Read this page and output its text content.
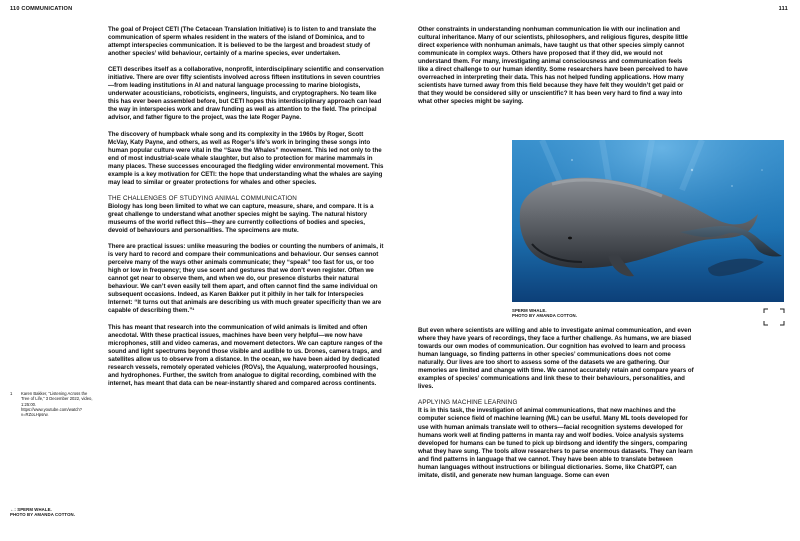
110 COMMUNICATION	111

The goal of Project CETI (The Cetacean Translation Initiative) is to listen to and translate the communication of sperm whales resident in the waters of the island of Dominica, and to attempt interspecies communication. It is believed to be the largest and broadest study of another species’ wild behaviour, certainly of a marine species, ever undertaken.

CETI describes itself as a collaborative, nonprofit, interdisciplinary scientific and conservation initiative. There are over fifty scientists involved across fifteen institutions in seven countries—from leading institutions in AI and natural language processing to marine biologists, underwater acousticians, roboticists, engineers, linguists, and cryptographers. No team like this has ever been assembled before, but CETI hopes this interdisciplinary approach can lead the way in interspecies work and draw funding as well as attention to the field. The principal advisor, and father figure to the project, was the late Roger Payne.

The discovery of humpback whale song and its complexity in the 1960s by Roger, Scott McVay, Katy Payne, and others, as well as Roger’s life’s work in bringing these songs into human popular culture were vital in the “Save the Whales” movement. This led not only to the end of most industrial-scale whale slaughter, but also to protection for marine mammals in many places. These successes encouraged the fledgling wider environmental movement. This example is a key motivation for CETI: the hope that understanding what the whales are saying may lead to similar or greater protections for whales and other species.

THE CHALLENGES OF STUDYING ANIMAL COMMUNICATION

Biology has long been limited to what we can capture, measure, share, and compare. It is a great challenge to understand what another species might be saying. The natural history museums of the world reflect this—they are currently collections of bodies and species, devoid of behaviours and personalities. The specimens are mute.

There are practical issues: unlike measuring the bodies or counting the numbers of animals, it is very hard to record and compare their communications and behaviour. Our senses cannot perceive many of the ways other animals communicate; they “speak” too fast for us, or too high or low in frequency; they use scent and gestures that we don’t even register. Often we cannot get near to observe them, and when we do, our presence disturbs their natural behaviour. We can’t even easily tell them apart, and often cannot find the same individual on subsequent occasions. Indeed, as Karen Bakker put it pithily in her talk for Interspecies Internet: “It turns out that animals are describing us with much greater specificity than we are capable of describing them.”¹

This has meant that research into the communication of wild animals is limited and often anecdotal. With these practical issues, machines have been very helpful—we now have microphones, still and video cameras, and movement detectors. We can capture ranges of the sound and light spectrums beyond those visible and audible to us. Drones, camera traps, and satellites allow us to observe from a distance. In the ocean, we have been aided by dedicated research vessels, remotely operated vehicles (ROVs), the Aqualung, waterproofed housings, and hydrophones. Further, the switch from analogue to digital recording, combined with the internet, has meant that data can be near-instantly shared and compared across continents.

1 Karen Bakker, “Listening Across the Tree of Life,” 3 December 2022, video, 1:25:00. https://www.youtube.com/watch?v=RZoLHpsrw.
←: SPERM WHALE.
PHOTO BY AMANDA COTTON.

Other constraints in understanding nonhuman communication lie with our inclination and cultural inheritance. Many of our scientists, philosophers, and religious figures, despite little direct experience with nonhuman animals, have taught us that other species simply cannot communicate in complex ways. Others have proposed that if they did, we would not understand them. For many, investigating animal consciousness and communication feels like a direct challenge to our human identity. Some researchers have been perceived to have overreached in interpreting their data. This has not helped funding applications. How many scientists have turned away from this field because they have felt they wouldn’t get paid or that they would be considered silly or unscientific? It has been very hard to find a way into what other species might be saying.

SPERM WHALE.
PHOTO BY AMANDA COTTON.

But even where scientists are willing and able to investigate animal communication, and even where they have years of recordings, they face a further challenge. As humans, we are biased towards our own modes of communication. Our cognition has evolved to learn and process human language, so finding patterns in other species’ communications does not come naturally. Our lives are too short to assess some of the datasets we are gathering. Our memories are limited and change with time. We cannot accurately retain and compare years of examples of species’ communications and link these to their behaviours, personalities, and lives.

APPLYING MACHINE LEARNING

It is in this task, the investigation of animal communications, that new machines and the computer science field of machine learning (ML) can be useful. Many ML tools developed for use with human animals translate well to others—facial recognition systems developed for humans work well at finding patterns in manta ray and wolf bodies. Voice analysis systems developed for humans can be tuned to pick up birdsong and identify the singers, comparing what they have sung. The tools allow researchers to parse enormous datasets. They can learn and find patterns in language that we cannot. They have been able to translate between human languages without instructions or bilingual dictionaries. Some, like ChatGPT, can imitate, distil, and generate new human language. Some can even
